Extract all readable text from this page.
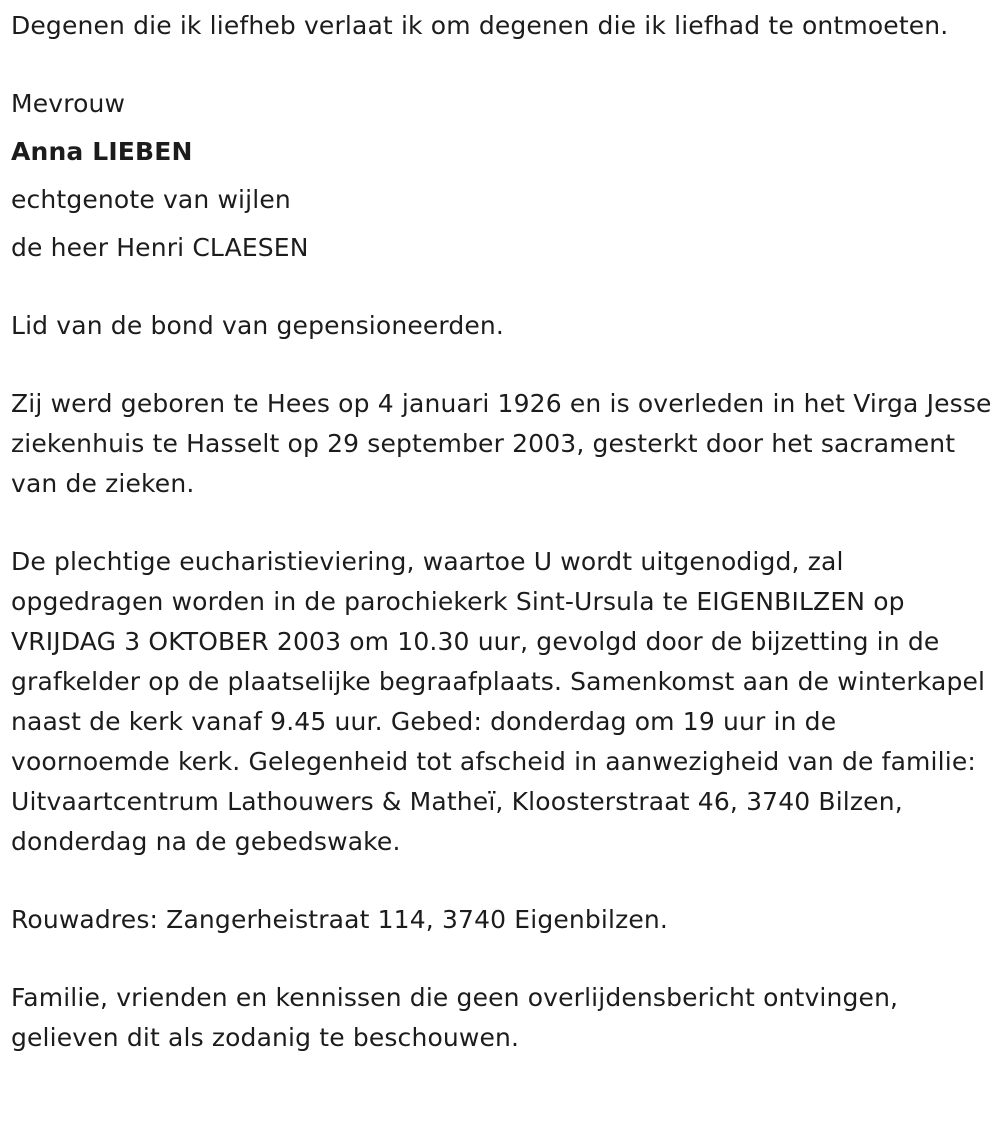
Degenen die ik liefheb verlaat ik om degenen die ik liefhad te ontmoeten.

Mevrouw

Anna LIEBEN

echtgenote van wijlen

de heer Henri CLAESEN

Lid van de bond van gepensioneerden.

Zij werd geboren te Hees op 4 januari 1926 en is overleden in het Virga Jesse ziekenhuis te Hasselt op 29 september 2003, gesterkt door het sacrament van de zieken.

De plechtige eucharistieviering, waartoe U wordt uitgenodigd, zal opgedragen worden in de parochiekerk Sint-Ursula te EIGENBILZEN op VRIJDAG 3 OKTOBER 2003 om 10.30 uur, gevolgd door de bijzetting in de grafkelder op de plaatselijke begraafplaats. Samenkomst aan de winterkapel naast de kerk vanaf 9.45 uur. Gebed: donderdag om 19 uur in de voornoemde kerk. Gelegenheid tot afscheid in aanwezigheid van de familie: Uitvaartcentrum Lathouwers & Matheï, Kloosterstraat 46, 3740 Bilzen, donderdag na de gebedswake.

Rouwadres: Zangerheistraat 114, 3740 Eigenbilzen.

Familie, vrienden en kennissen die geen overlijdensbericht ontvingen, gelieven dit als zodanig te beschouwen.
